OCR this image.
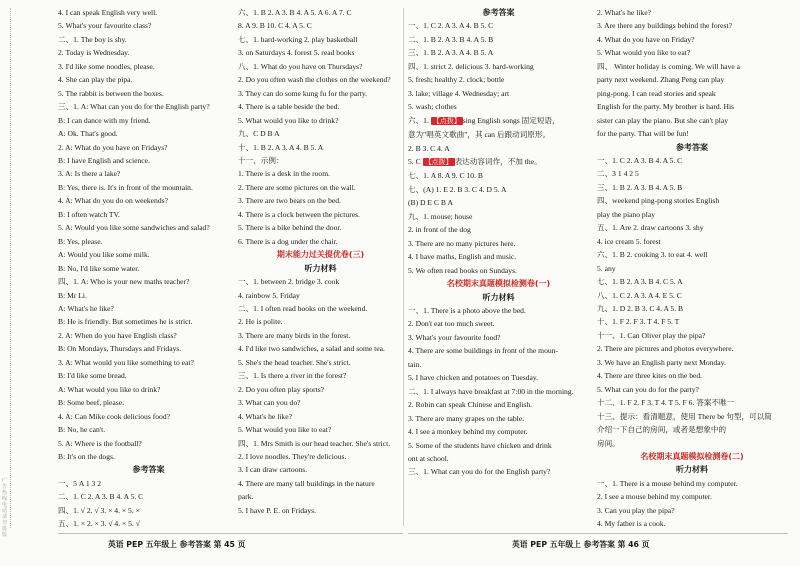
广告热线电话 请勿盗版
4. I can speak English very well.
5. What's your favourite class?
二、1. The boy is shy.
2. Today is Wednesday.
3. I'd like some noodles, please.
4. She can play the pipa.
5. The rabbit is between the boxes.
三、1. A: What can you do for the English party?
B: I can dance with my friend.
A: Ok. That's good.
2. A: What do you have on Fridays?
B: I have English and science.
3. A: Is there a lake?
B: Yes, there is. It's in front of the mountain.
4. A: What do you do on weekends?
B: I often watch TV.
5. A: Would you like some sandwiches and salad?
B: Yes, please.
A: Would you like some milk.
B: No, I'd like some water.
四、1. A: Who is your new maths teacher?
B: Mr Li.
A: What's he like?
B: He is friendly. But sometimes he is strict.
2. A: When do you have English class?
B: On Mondays, Thursdays and Fridays.
3. A: What would you like something to eat?
B: I'd like some bread.
A: What would you like to drink?
B: Some beef, please.
4. A: Can Mike cook delicious food?
B: No, he can't.
5. A: Where is the football?
B: It's on the dogs.
参考答案
一、5 A 1 3 2
二、1. C 2. A 3. B 4. A 5. C
四、1. √ 2. √ 3. × 4. × 5. ×
五、1. × 2. × 3. √ 4. × 5. √
六、1. B 2. A 3. B 4. A 5. A 6. A 7. C
8. A 9. B 10. C 4. A 5. C
七、1. hard-working 2. play basketball
3. on Saturdays 4. forest 5. read books
八、1. What do you have on Thursdays?
2. Do you often wash the clothes on the weekend?
3. They can do some kung fu for the party.
4. There is a table beside the bed.
5. What would you like to drink?
九、C D B A
十、1. B 2. A 3. A 4. B 5. A
十一、示例：
1. There is a desk in the room.
2. There are some pictures on the wall.
3. There are two bears on the bed.
4. There is a clock between the pictures.
5. There is a bike behind the door.
6. There is a dog under the chair.
期末能力过关提优卷(三)
听力材料
一、1. between 2. bridge 3. cook
4. rainbow 5. Friday
二、1. I often read books on the weekend.
2. He is polite.
3. There are many birds in the forest.
4. I'd like two sandwiches, a salad and some tea.
5. She's the head teacher. She's strict.
三、1. Is there a river in the forest?
2. Do you often play sports?
3. What can you do?
4. What's he like?
5. What would you like to eat?
四、1. Mrs Smith is our head teacher. She's strict.
2. I love noodles. They're delicious.
3. I can draw cartoons.
4. There are many tall buildings in the nature
park.
5. I have P. E. on Fridays.
参考答案
一、1. C 2. A 3. A 4. B 5. C
二、1. B 2. A 3. B 4. A 5. B
三、1. B 2. A 3. A 4. B 5. A
四、1. strict 2. delicious 3. hard-working
5. fresh; healthy 2. clock; bottle
3. lake; village 4. Wednesday; art
5. wash; clothes
六、1. 【点拨】 sing English songs 固定短语，
意为"唱英文歌曲"，其 can 后跟动词原形。
2. B 3. C 4. A
5. C 【点拨】 表达动容词作，不加 the。
七、1. A 8. A 9. C 10. B
七、(A) 1. E 2. B 3. C 4. D 5. A
(B) D E C B A
九、1. mouse; house
2. in front of the dog
3. There are no many pictures here.
4. I have maths, English and music.
5. We often read books on Sundays.
名校期末真题模拟检测卷(一)
听力材料
一、1. There is a photo above the bed.
2. Don't eat too much sweet.
3. What's your favourite food?
4. There are some buildings in front of the moun-
tain.
5. I have chicken and potatoes on Tuesday.
二、1. I always have breakfast at 7:00 in the morning.
2. Robin can speak Chinese and English.
3. There are many grapes on the table.
4. I see a monkey behind my computer.
5. Some of the students have chicken and drink
ont at school.
三、1. What can you do for the English party?
2. What's he like?
3. Are there any buildings behind the forest?
4. What do you have on Friday?
5. What would you like to eat?
四、 Winter holiday is coming. We will have a
party next weekend. Zhang Peng can play
ping-pong. I can read stories and speak
English for the party. My brother is hard. His
sister can play the piano. But she can't play
for the party. That will be fun!
参考答案
一、1. C 2. A 3. B 4. A 5. C
二、3 1 4 2 5
三、1. B 2. A 3. B 4. A 5. B
四、weekend ping-pong stories English
play the piano play
五、1. Are 2. draw cartoons 3. shy
4. ice cream 5. forest
六、1. B 2. cooking 3. to eat 4. well
5. any
七、1. B 2. A 3. B 4. C 5. A
八、1. C 2. A 3. A 4. E 5. C
九、1. D 2. B 3. C 4. A 5. B
十、1. F 2. F 3. T 4. F 5. T
十一、1. Can Oliver play the pipa?
2. There are pictures and photos everywhere.
3. We have an English party next Monday.
4. There are three kites on the bed.
5. What can you do for the party?
十二、1. F 2. F 3. T 4. T 5. F 6. 答案不唯一
十三、提示：看清题意，使用 There be 句型，可以简
介绍一下自己的房间，或者是想象中的
房间。
名校期末真题模拟检测卷(二)
听力材料
一、1. There is a mouse behind my computer.
2. I see a mouse behind my computer.
3. Can you play the pipa?
4. My father is a cook.
英语 PEP 五年级上 参考答案 第 45 页	英语 PEP 五年级上 参考答案 第 46 页
